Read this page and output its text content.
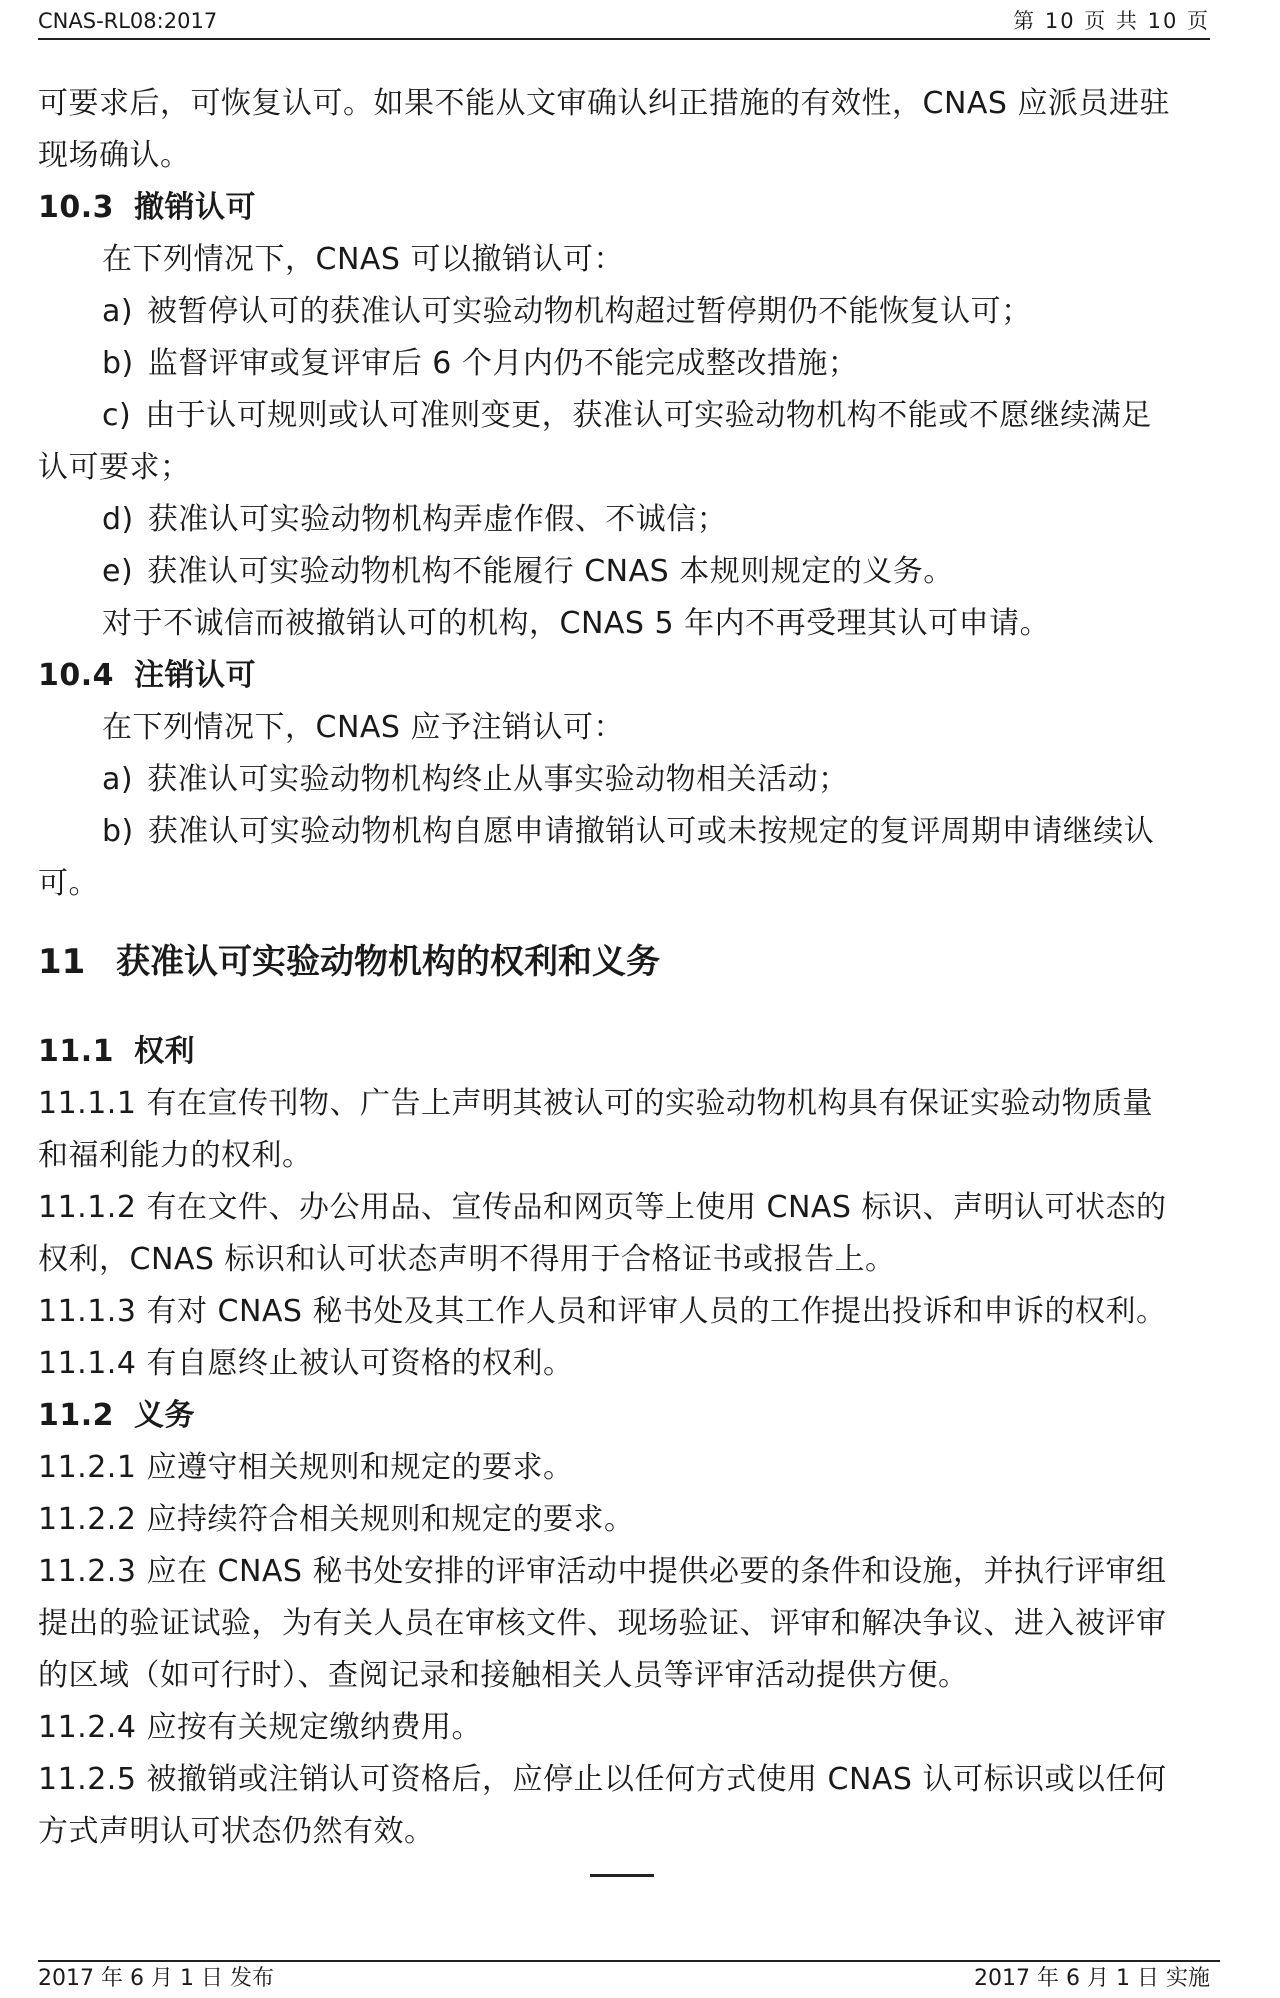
CNAS-RL08:2017	第 10 页 共 10 页

可要求后，可恢复认可。如果不能从文审确认纠正措施的有效性，CNAS 应派员进驻

现场确认。

10.3 撤销认可

在下列情况下，CNAS 可以撤销认可：

a) 被暂停认可的获准认可实验动物机构超过暂停期仍不能恢复认可；

b) 监督评审或复评审后 6 个月内仍不能完成整改措施；

c) 由于认可规则或认可准则变更，获准认可实验动物机构不能或不愿继续满足

认可要求；

d) 获准认可实验动物机构弄虚作假、不诚信；

e) 获准认可实验动物机构不能履行 CNAS 本规则规定的义务。

对于不诚信而被撤销认可的机构，CNAS 5 年内不再受理其认可申请。

10.4 注销认可

在下列情况下，CNAS 应予注销认可：

a) 获准认可实验动物机构终止从事实验动物相关活动；

b) 获准认可实验动物机构自愿申请撤销认可或未按规定的复评周期申请继续认

可。

11 获准认可实验动物机构的权利和义务

11.1 权利

11.1.1 有在宣传刊物、广告上声明其被认可的实验动物机构具有保证实验动物质量

和福利能力的权利。

11.1.2 有在文件、办公用品、宣传品和网页等上使用 CNAS 标识、声明认可状态的

权利，CNAS 标识和认可状态声明不得用于合格证书或报告上。

11.1.3 有对 CNAS 秘书处及其工作人员和评审人员的工作提出投诉和申诉的权利。

11.1.4 有自愿终止被认可资格的权利。

11.2 义务

11.2.1 应遵守相关规则和规定的要求。

11.2.2 应持续符合相关规则和规定的要求。

11.2.3 应在 CNAS 秘书处安排的评审活动中提供必要的条件和设施，并执行评审组

提出的验证试验，为有关人员在审核文件、现场验证、评审和解决争议、进入被评审

的区域（如可行时）、查阅记录和接触相关人员等评审活动提供方便。

11.2.4 应按有关规定缴纳费用。

11.2.5 被撤销或注销认可资格后，应停止以任何方式使用 CNAS 认可标识或以任何

方式声明认可状态仍然有效。

2017 年 6 月 1 日 发布	2017 年 6 月 1 日 实施
